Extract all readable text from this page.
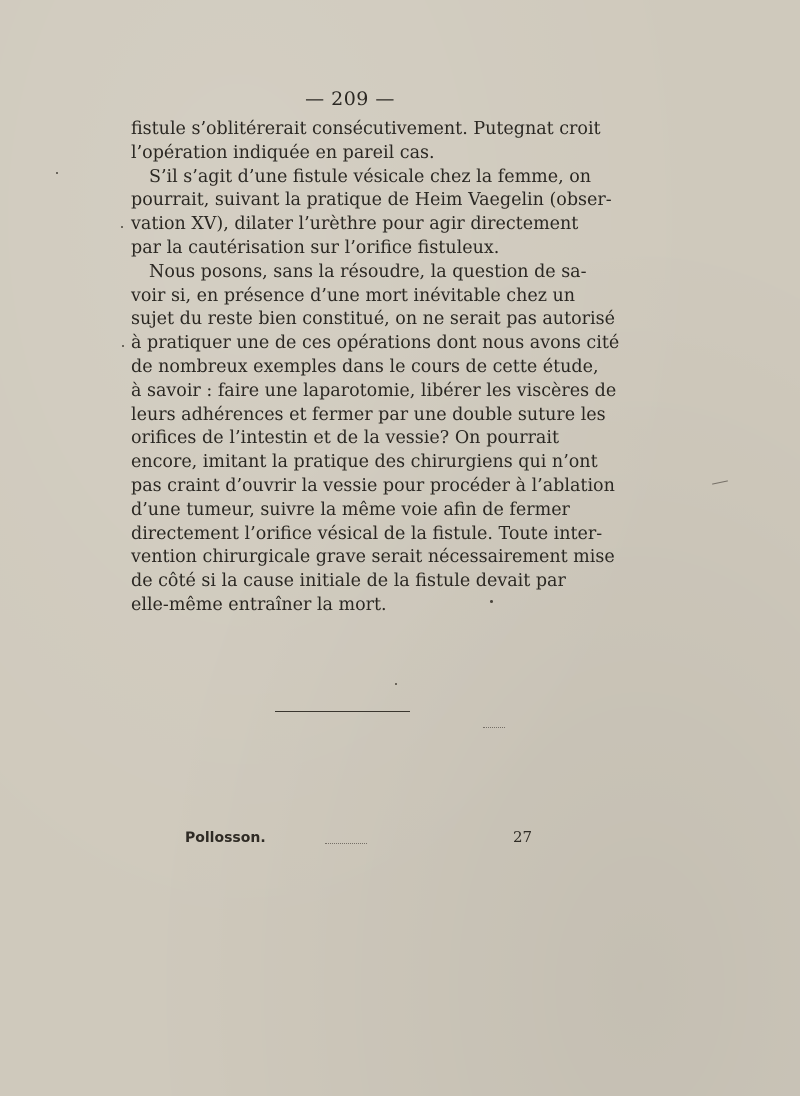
— 209 —
fistule s’oblitérerait consécutivement. Putegnat croit
l’opération indiquée en pareil cas.
S’il s’agit d’une fistule vésicale chez la femme, on
pourrait, suivant la pratique de Heim Vaegelin (obser-
vation XV), dilater l’urèthre pour agir directement
par la cautérisation sur l’orifice fistuleux.
Nous posons, sans la résoudre, la question de sa-
voir si, en présence d’une mort inévitable chez un
sujet du reste bien constitué, on ne serait pas autorisé
à pratiquer une de ces opérations dont nous avons cité
de nombreux exemples dans le cours de cette étude,
à savoir : faire une laparotomie, libérer les viscères de
leurs adhérences et fermer par une double suture les
orifices de l’intestin et de la vessie? On pourrait
encore, imitant la pratique des chirurgiens qui n’ont
pas craint d’ouvrir la vessie pour procéder à l’ablation
d’une tumeur, suivre la même voie afin de fermer
directement l’orifice vésical de la fistule. Toute inter-
vention chirurgicale grave serait nécessairement mise
de côté si la cause initiale de la fistule devait par
elle-même entraîner la mort.
Pollosson.	27
